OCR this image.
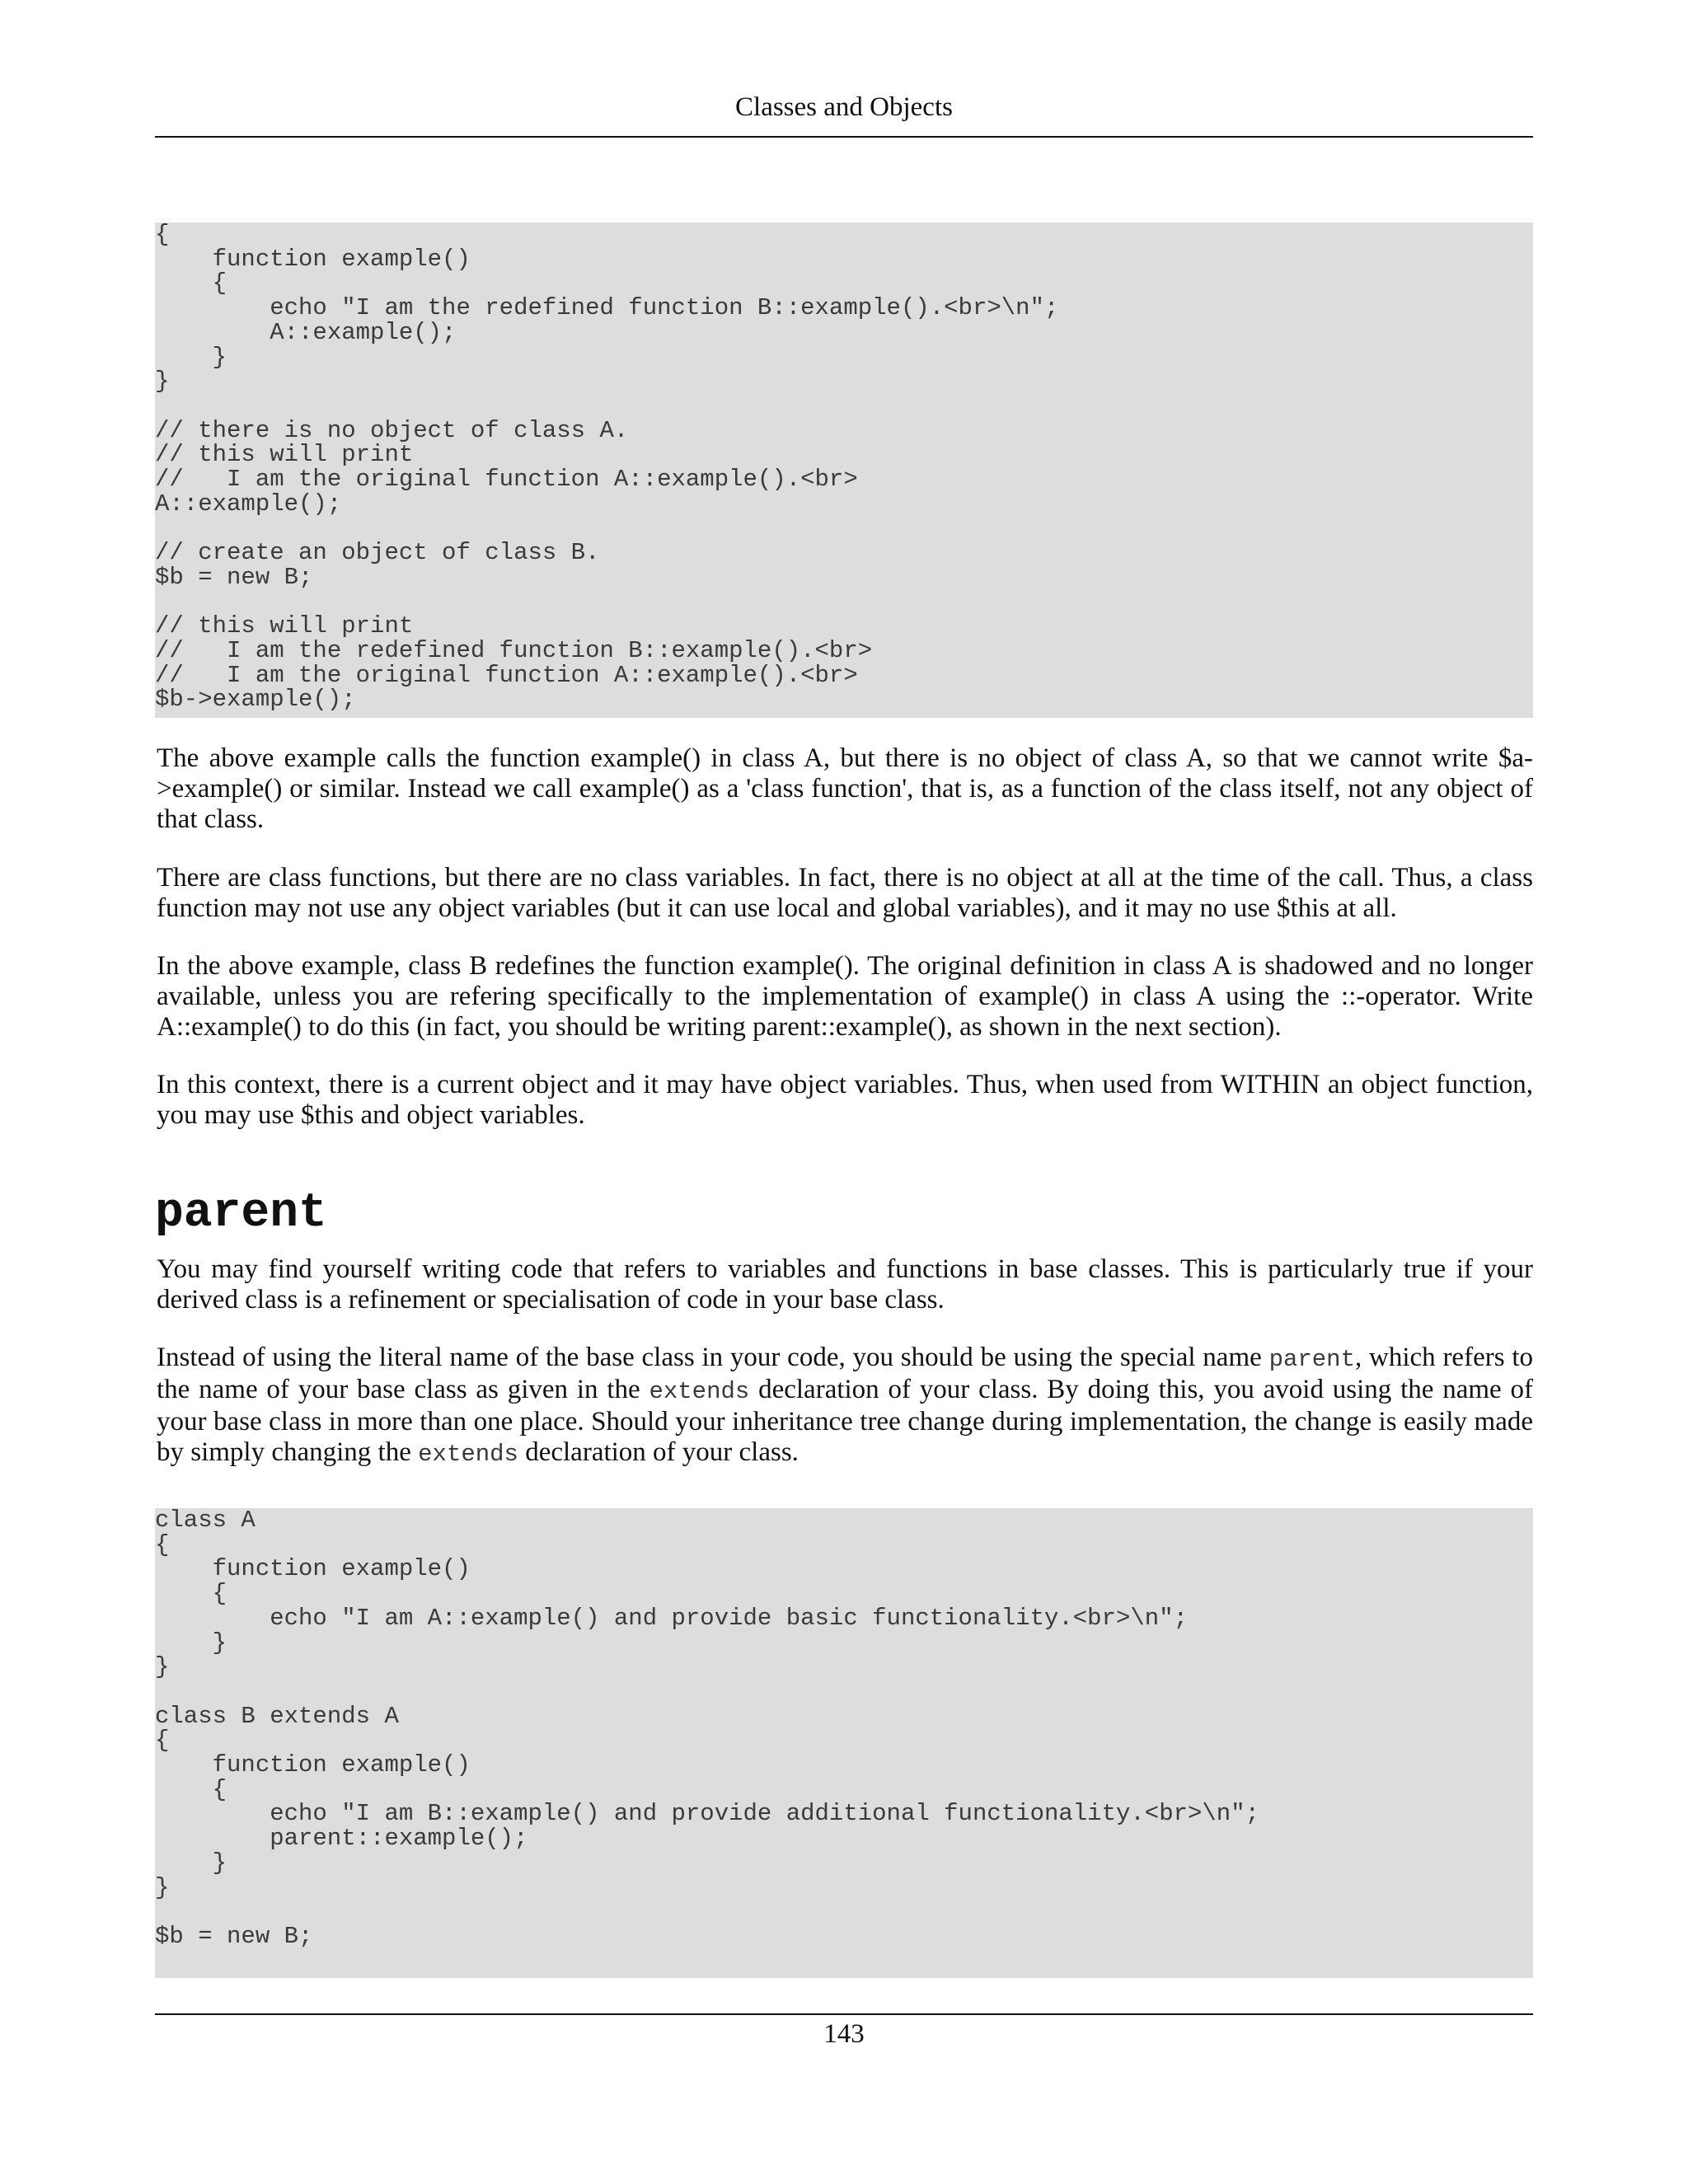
Classes and Objects
{
function example()
{
echo "I am the redefined function B::example().<br>\n";
A::example();
}
}

// there is no object of class A.
// this will print
//   I am the original function A::example().<br>
A::example();

// create an object of class B.
$b = new B;

// this will print
//   I am the redefined function B::example().<br>
//   I am the original function A::example().<br>
$b->example();

The above example calls the function example() in class A, but there is no object of class A, so that we cannot write $a->example() or similar. Instead we call example() as a 'class function', that is, as a function of the class itself, not any object of that class.

There are class functions, but there are no class variables. In fact, there is no object at all at the time of the call. Thus, a class function may not use any object variables (but it can use local and global variables), and it may no use $this at all.

In the above example, class B redefines the function example(). The original definition in class A is shadowed and no longer available, unless you are refering specifically to the implementation of example() in class A using the ::-operator. Write A::example() to do this (in fact, you should be writing parent::example(), as shown in the next section).

In this context, there is a current object and it may have object variables. Thus, when used from WITHIN an object function, you may use $this and object variables.

parent

You may find yourself writing code that refers to variables and functions in base classes. This is particularly true if your derived class is a refinement or specialisation of code in your base class.

Instead of using the literal name of the base class in your code, you should be using the special name parent, which refers to the name of your base class as given in the extends declaration of your class. By doing this, you avoid using the name of your base class in more than one place. Should your inheritance tree change during implementation, the change is easily made by simply changing the extends declaration of your class.

class A
{
function example()
{
echo "I am A::example() and provide basic functionality.<br>\n";
}
}

class B extends A
{
function example()
{
echo "I am B::example() and provide additional functionality.<br>\n";
parent::example();
}
}

$b = new B;
143
